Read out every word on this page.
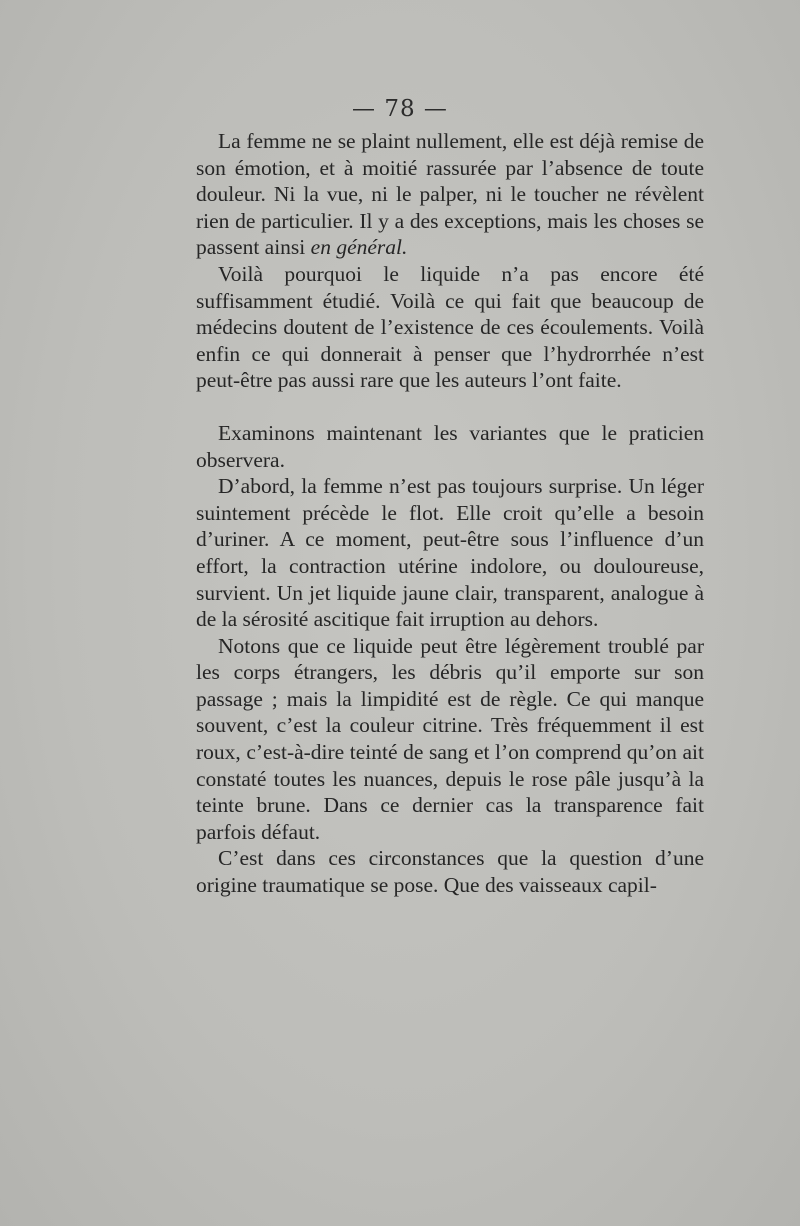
— 78 —

La femme ne se plaint nullement, elle est déjà remise de son émotion, et à moitié rassurée par l’absence de toute douleur. Ni la vue, ni le palper, ni le toucher ne révèlent rien de particulier. Il y a des exceptions, mais les choses se passent ainsi en général.

Voilà pourquoi le liquide n’a pas encore été suffisamment étudié. Voilà ce qui fait que beaucoup de médecins doutent de l’existence de ces écoulements. Voilà enfin ce qui donnerait à penser que l’hydrorrhée n’est peut-être pas aussi rare que les auteurs l’ont faite.

Examinons maintenant les variantes que le praticien observera.

D’abord, la femme n’est pas toujours surprise. Un léger suintement précède le flot. Elle croit qu’elle a besoin d’uriner. A ce moment, peut-être sous l’influence d’un effort, la contraction utérine indolore, ou douloureuse, survient. Un jet liquide jaune clair, transparent, analogue à de la sérosité ascitique fait irruption au dehors.

Notons que ce liquide peut être légèrement troublé par les corps étrangers, les débris qu’il emporte sur son passage ; mais la limpidité est de règle. Ce qui manque souvent, c’est la couleur citrine. Très fréquemment il est roux, c’est-à-dire teinté de sang et l’on comprend qu’on ait constaté toutes les nuances, depuis le rose pâle jusqu’à la teinte brune. Dans ce dernier cas la transparence fait parfois défaut.

C’est dans ces circonstances que la question d’une origine traumatique se pose. Que des vaisseaux capil-
